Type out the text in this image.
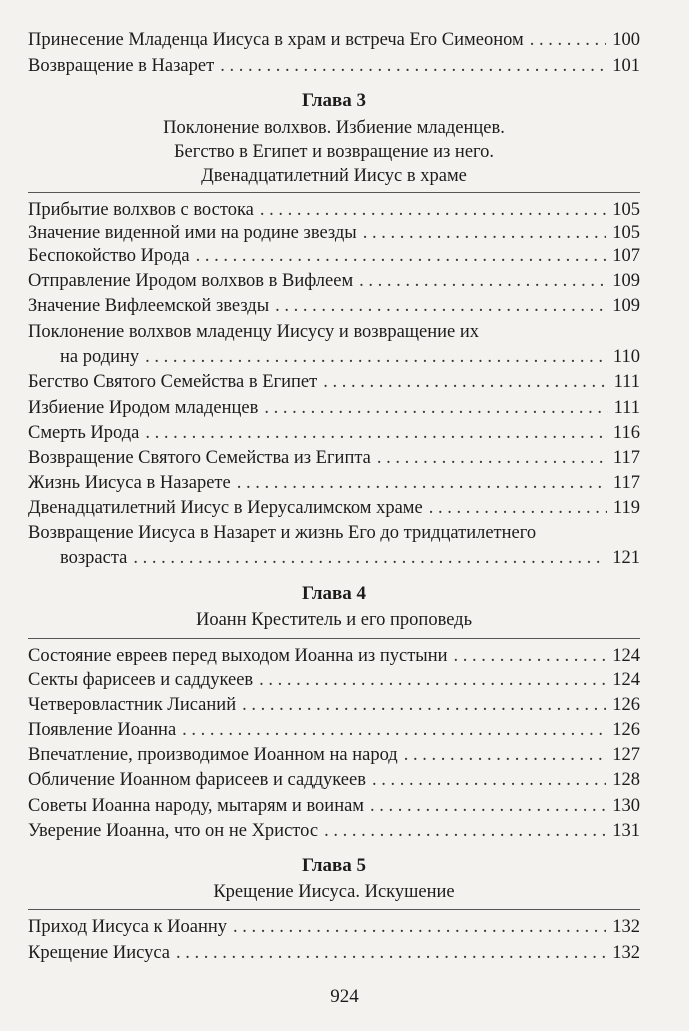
Принесение Младенца Иисуса в храм и встреча Его Симеоном . . .	100
Возвращение в Назарет . . .	101
Глава 3
Поклонение волхвов. Избиение младенцев.
Бегство в Египет и возвращение из него.
Двенадцатилетний Иисус в храме
Прибытие волхвов с востока . . .	105
Значение виденной ими на родине звезды . . .	105
Беспокойство Ирода . . .	107
Отправление Иродом волхвов в Вифлеем . . .	109
Значение Вифлеемской звезды . . .	109
Поклонение волхвов младенцу Иисусу и возвращение их
на родину . . .	110
Бегство Святого Семейства в Египет . . .	111
Избиение Иродом младенцев . . .	111
Смерть Ирода . . .	116
Возвращение Святого Семейства из Египта . . .	117
Жизнь Иисуса в Назарете . . .	117
Двенадцатилетний Иисус в Иерусалимском храме . . .	119
Возвращение Иисуса в Назарет и жизнь Его до тридцатилетнего
возраста . . .	121
Глава 4
Иоанн Креститель и его проповедь
Состояние евреев перед выходом Иоанна из пустыни . . .	124
Секты фарисеев и саддукеев . . .	124
Четверовластник Лисаний . . .	126
Появление Иоанна . . .	126
Впечатление, производимое Иоанном на народ . . .	127
Обличение Иоанном фарисеев и саддукеев . . .	128
Советы Иоанна народу, мытарям и воинам . . .	130
Уверение Иоанна, что он не Христос . . .	131
Глава 5
Крещение Иисуса. Искушение
Приход Иисуса к Иоанну . . .	132
Крещение Иисуса . . .	132
924
